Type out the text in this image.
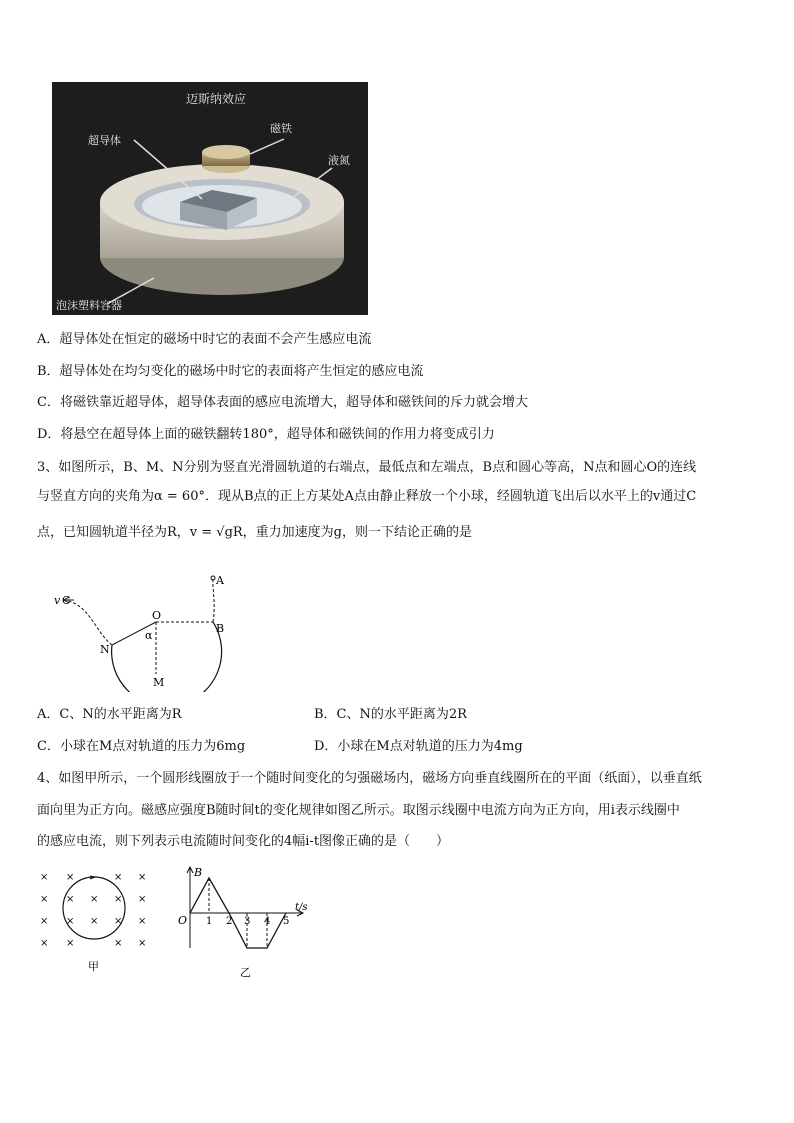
迈斯纳效应
超导体
磁铁
液氮
泡沫塑料容器
A．超导体处在恒定的磁场中时它的表面不会产生感应电流
B．超导体处在均匀变化的磁场中时它的表面将产生恒定的感应电流
C．将磁铁靠近超导体，超导体表面的感应电流增大，超导体和磁铁间的斥力就会增大
D．将悬空在超导体上面的磁铁翻转180°，超导体和磁铁间的作用力将变成引力
3、如图所示，B、M、N分别为竖直光滑圆轨道的右端点，最低点和左端点，B点和圆心等高，N点和圆心O的连线
与竖直方向的夹角为α = 60°．现从B点的正上方某处A点由静止释放一个小球，经圆轨道飞出后以水平上的v通过C
点，已知圆轨道半径为R，v = √gR，重力加速度为g，则一下结论正确的是
A
B
v C
O
α
N
M
A．C、N的水平距离为R	B．C、N的水平距离为2R
C．小球在M点对轨道的压力为6mg	D．小球在M点对轨道的压力为4mg
4、如图甲所示，一个圆形线圈放于一个随时间变化的匀强磁场内，磁场方向垂直线圈所在的平面（纸面），以垂直纸
面向里为正方向。磁感应强度B随时间t的变化规律如图乙所示。取图示线圈中电流方向为正方向，用i表示线圈中
的感应电流，则下列表示电流随时间变化的4幅i-t图像正确的是（　　）
× ×	× ×
× × × × ×
× × × × ×
× ×	× ×
甲
B
O 1 2 3 4 5
t/s
乙
